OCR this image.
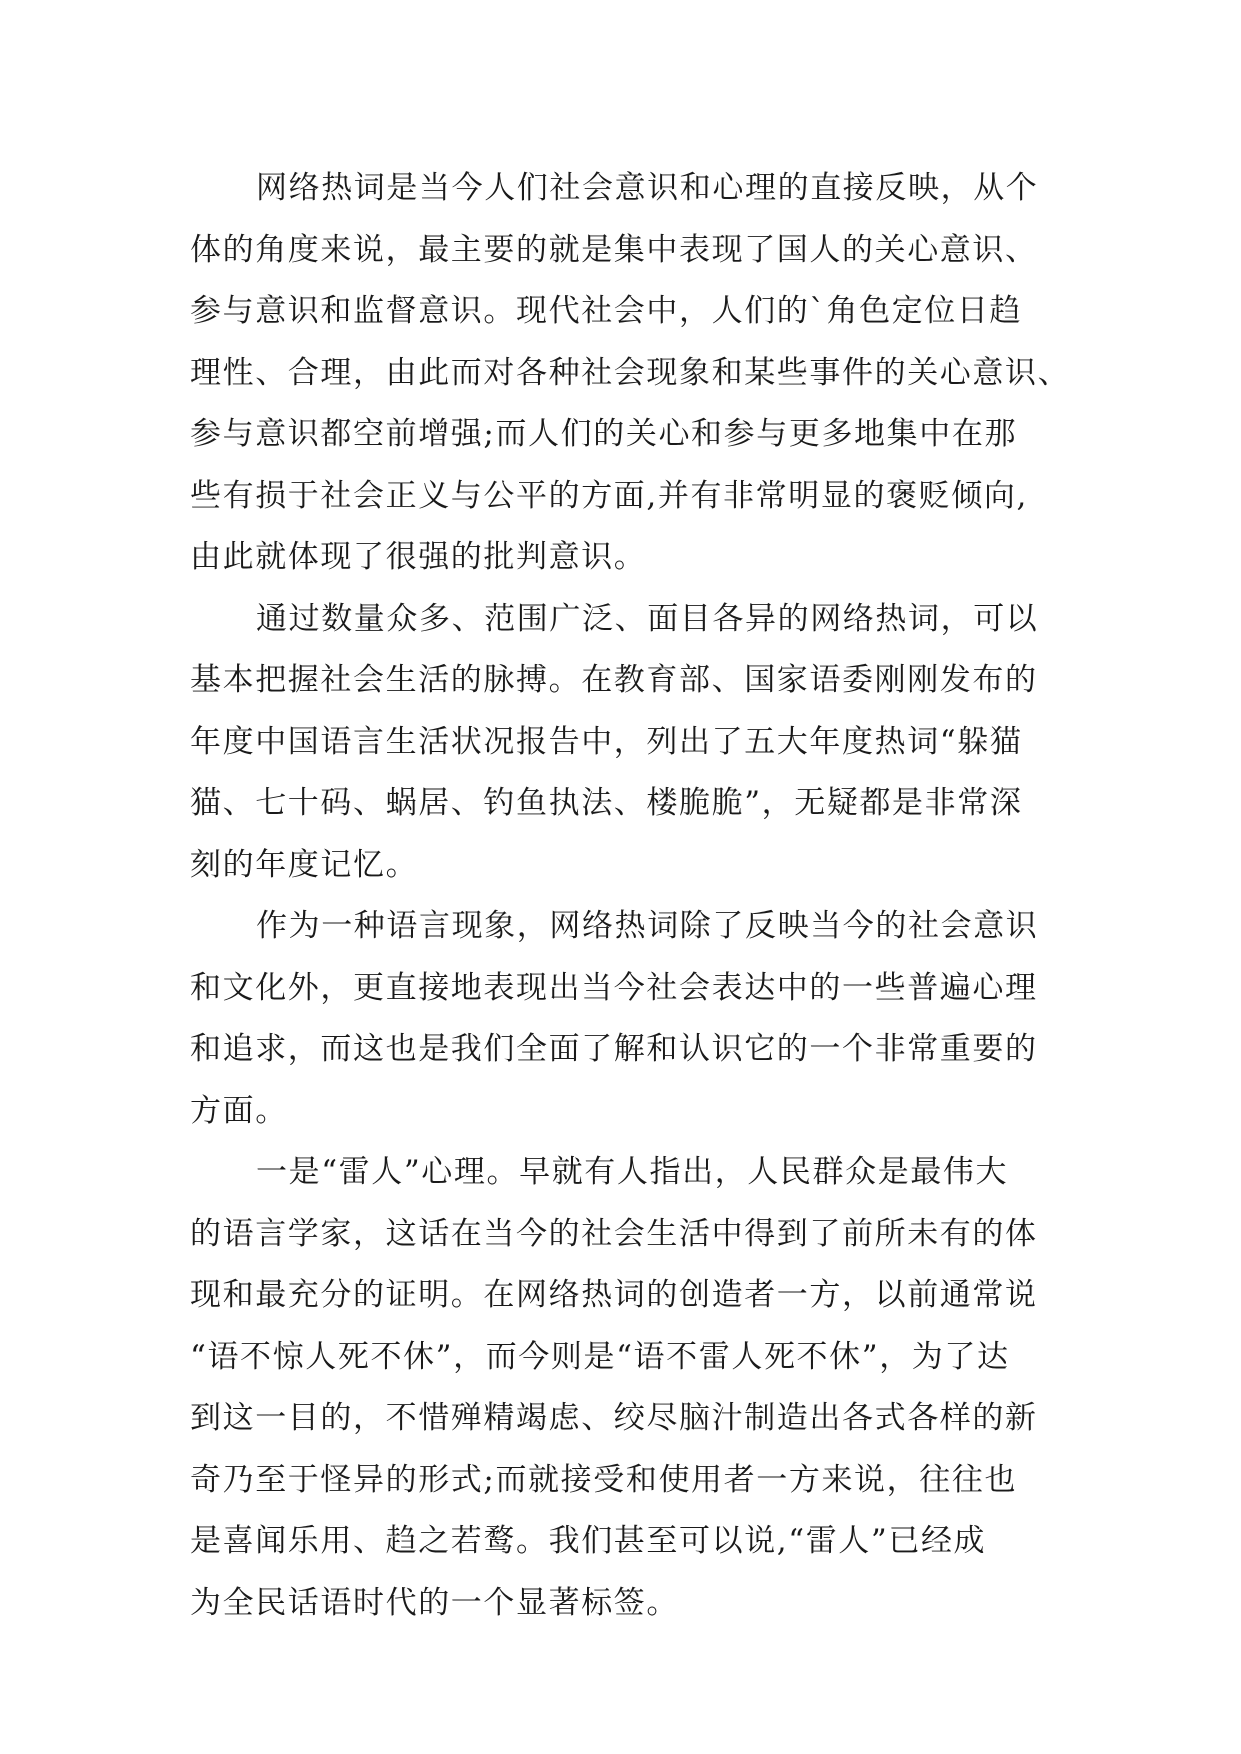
网络热词是当今人们社会意识和心理的直接反映，从个
体的角度来说，最主要的就是集中表现了国人的关心意识、
参与意识和监督意识。现代社会中，人们的`角色定位日趋
理性、合理，由此而对各种社会现象和某些事件的关心意识、
参与意识都空前增强;而人们的关心和参与更多地集中在那
些有损于社会正义与公平的方面,并有非常明显的褒贬倾向,
由此就体现了很强的批判意识。
通过数量众多、范围广泛、面目各异的网络热词，可以
基本把握社会生活的脉搏。在教育部、国家语委刚刚发布的
年度中国语言生活状况报告中，列出了五大年度热词“躲猫
猫、七十码、蜗居、钓鱼执法、楼脆脆”，无疑都是非常深
刻的年度记忆。
作为一种语言现象，网络热词除了反映当今的社会意识
和文化外，更直接地表现出当今社会表达中的一些普遍心理
和追求，而这也是我们全面了解和认识它的一个非常重要的
方面。
一是“雷人”心理。早就有人指出，人民群众是最伟大
的语言学家，这话在当今的社会生活中得到了前所未有的体
现和最充分的证明。在网络热词的创造者一方，以前通常说
“语不惊人死不休”，而今则是“语不雷人死不休”，为了达
到这一目的，不惜殚精竭虑、绞尽脑汁制造出各式各样的新
奇乃至于怪异的形式;而就接受和使用者一方来说，往往也
是喜闻乐用、趋之若鹜。我们甚至可以说,“雷人”已经成
为全民话语时代的一个显著标签。
